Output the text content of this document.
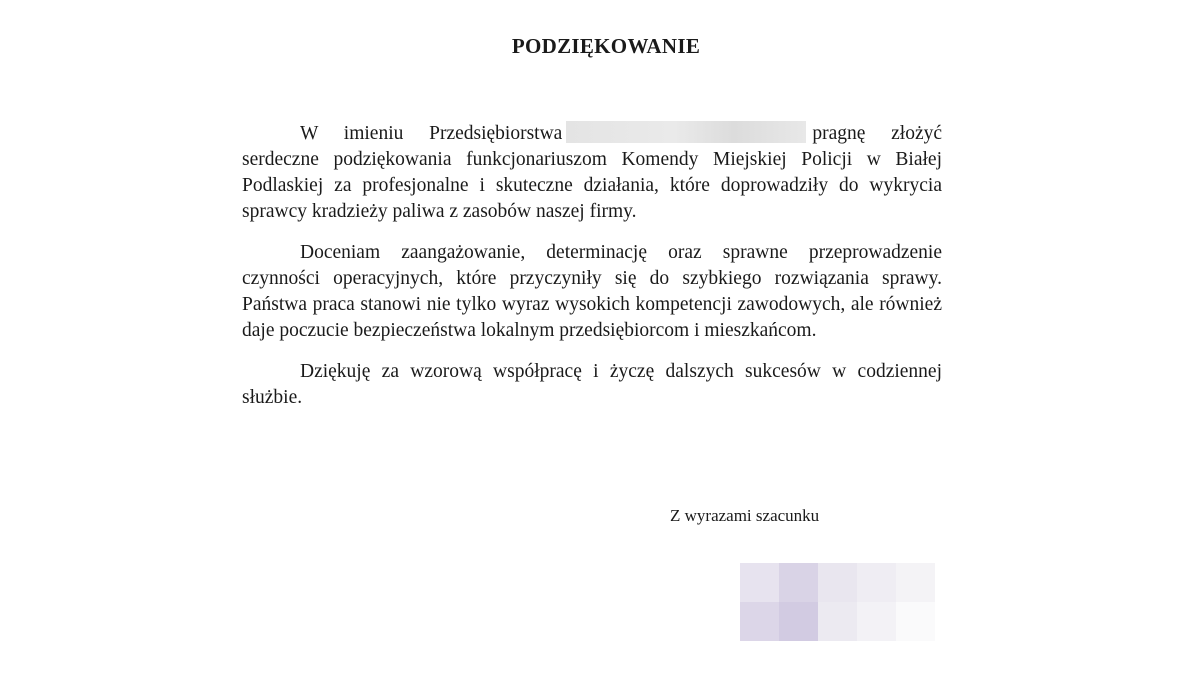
PODZIĘKOWANIE

W imieniu Przedsiębiorstwa	pragnę złożyć serdeczne podziękowania funkcjonariuszom Komendy Miejskiej Policji w Białej Podlaskiej za profesjonalne i skuteczne działania, które doprowadziły do wykrycia sprawcy kradzieży paliwa z zasobów naszej firmy.

Doceniam zaangażowanie, determinację oraz sprawne przeprowadzenie czynności operacyjnych, które przyczyniły się do szybkiego rozwiązania sprawy. Państwa praca stanowi nie tylko wyraz wysokich kompetencji zawodowych, ale również daje poczucie bezpieczeństwa lokalnym przedsiębiorcom i mieszkańcom.

Dziękuję za wzorową współpracę i życzę dalszych sukcesów w codziennej służbie.

Z wyrazami szacunku
